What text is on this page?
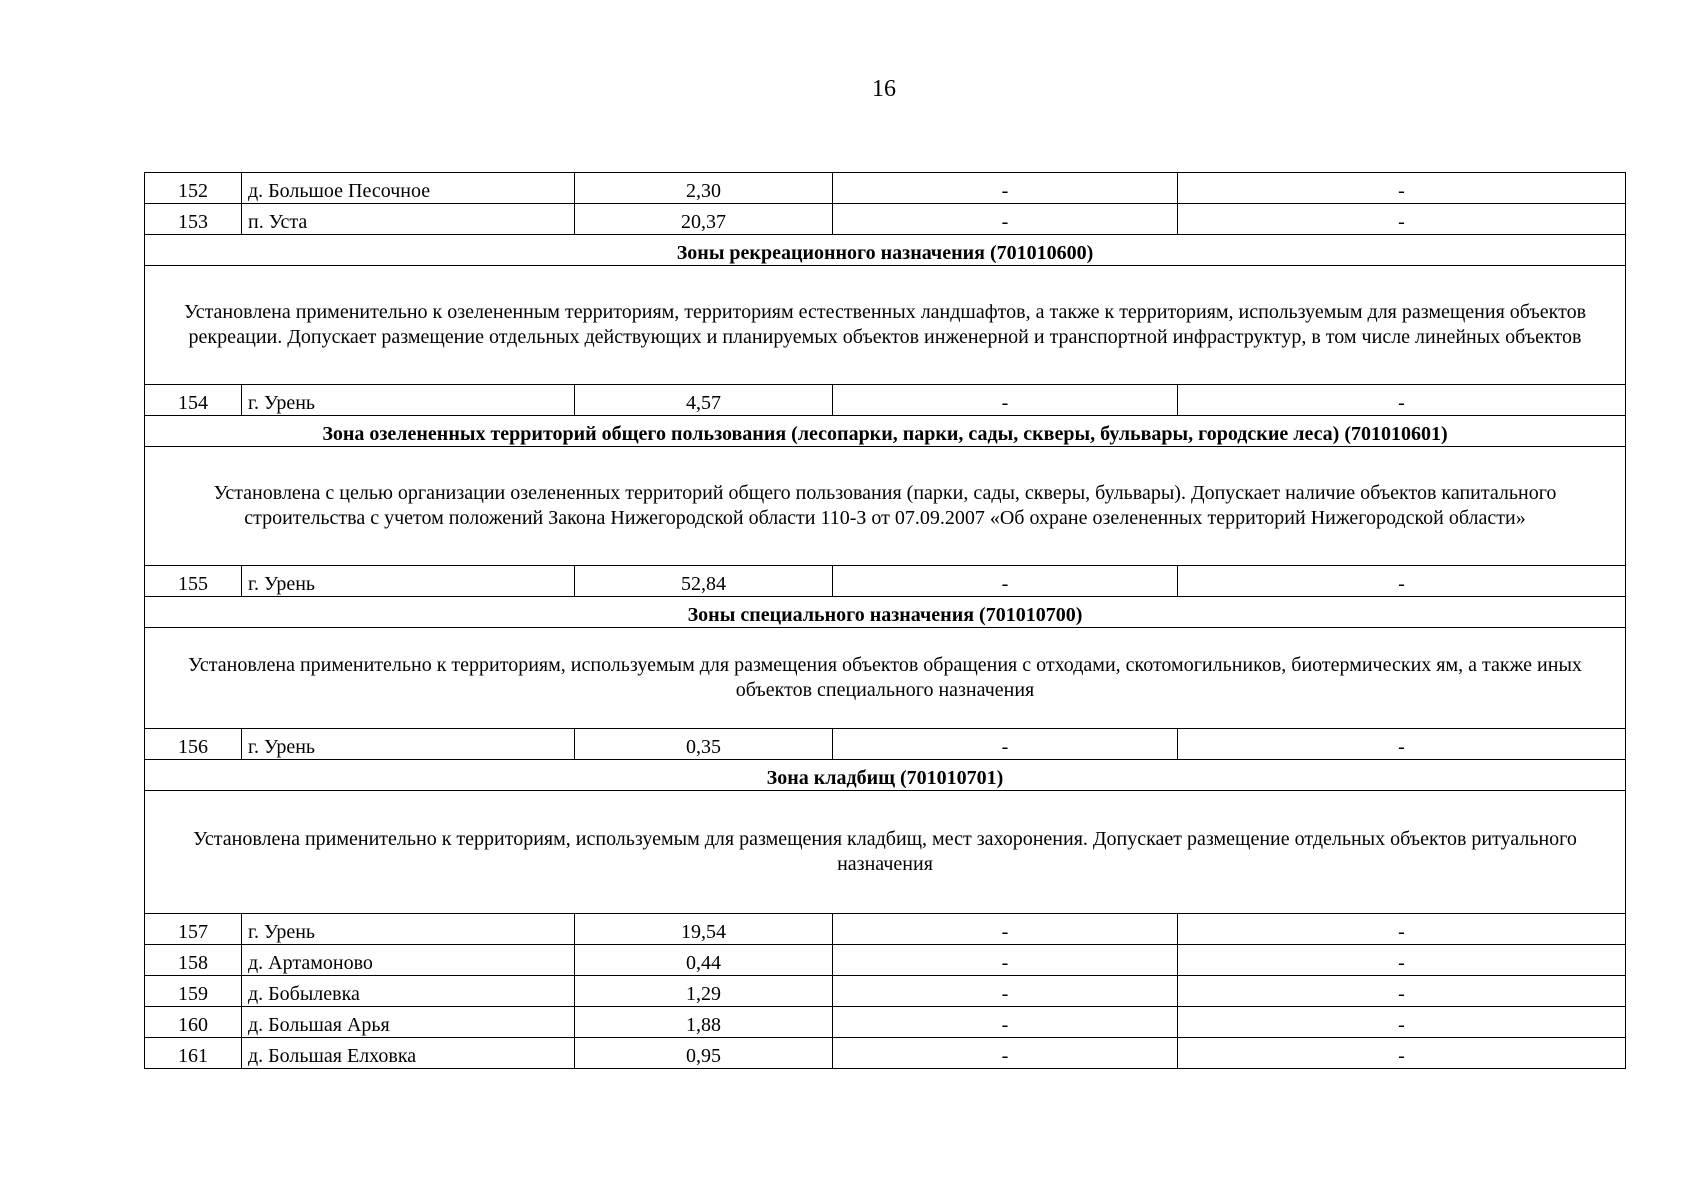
16
152	д. Большое Песочное	2,30	-	-
153	п. Уста	20,37	-	-
Зоны рекреационного назначения (701010600)				
Установлена применительно к озелененным территориям, территориям естественных ландшафтов, а также к территориям, используемым для размещения объектов рекреации. Допускает размещение отдельных действующих и планируемых объектов инженерной и транспортной инфраструктур, в том числе линейных объектов				
154	г. Урень	4,57	-	-
Зона озелененных территорий общего пользования (лесопарки, парки, сады, скверы, бульвары, городские леса) (701010601)				
Установлена с целью организации озелененных территорий общего пользования (парки, сады, скверы, бульвары). Допускает наличие объектов капитального строительства с учетом положений Закона Нижегородской области 110-З от 07.09.2007 «Об охране озелененных территорий Нижегородской области»				
155	г. Урень	52,84	-	-
Зоны специального назначения (701010700)				
Установлена применительно к территориям, используемым для размещения объектов обращения с отходами, скотомогильников, биотермических ям, а также иных объектов специального назначения				
156	г. Урень	0,35	-	-
Зона кладбищ (701010701)				
Установлена применительно к территориям, используемым для размещения кладбищ, мест захоронения. Допускает размещение отдельных объектов ритуального назначения				
157	г. Урень	19,54	-	-
158	д. Артамоново	0,44	-	-
159	д. Бобылевка	1,29	-	-
160	д. Большая Арья	1,88	-	-
161	д. Большая Елховка	0,95	-	-
